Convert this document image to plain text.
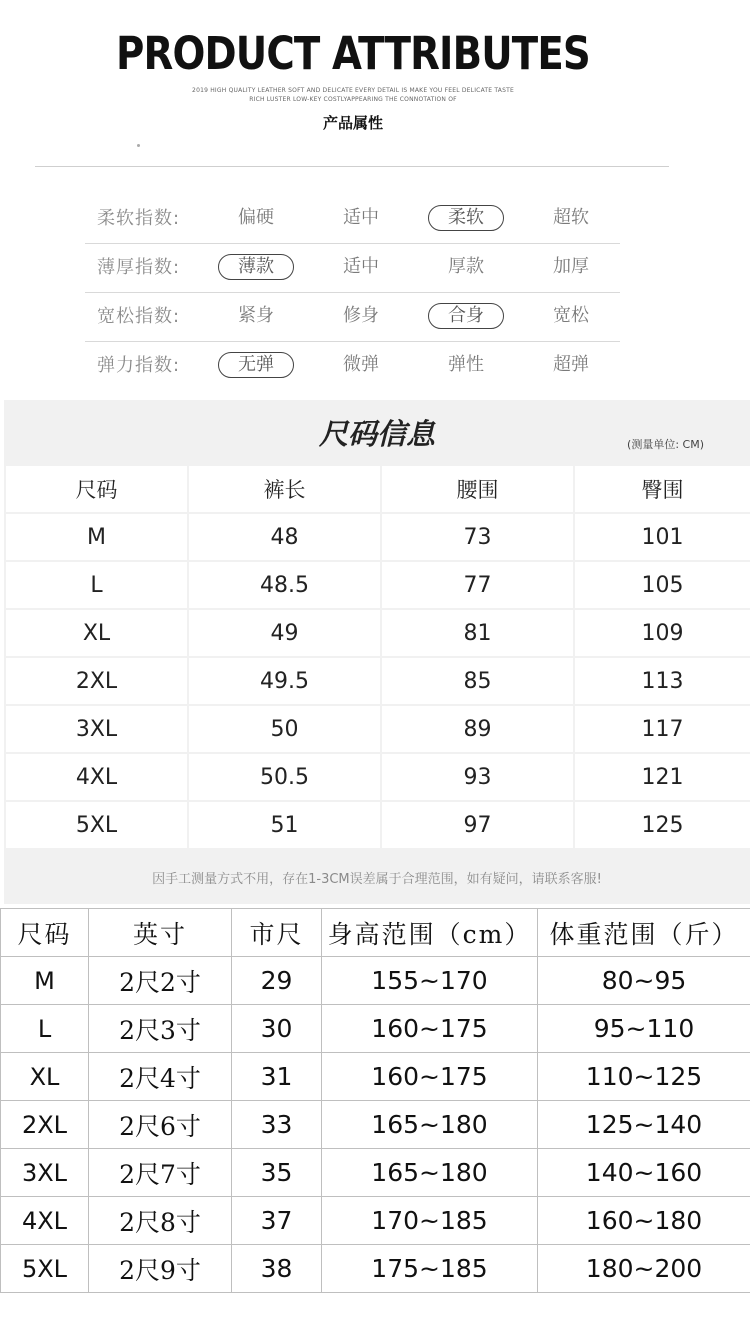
PRODUCT ATTRIBUTES
2019 HIGH QUALITY LEATHER SOFT AND DELICATE EVERY DETAIL IS MAKE YOU FEEL DELICATE TASTE
RICH LUSTER LOW-KEY COSTLYAPPEARING THE CONNOTATION OF
产品属性
柔软指数:	偏硬	适中	柔软	超软
薄厚指数:	薄款	适中	厚款	加厚
宽松指数:	紧身	修身	合身	宽松
弹力指数:	无弹	微弹	弹性	超弹
尺码信息	(测量单位: CM)
尺码	裤长	腰围	臀围
M	48	73	101
L	48.5	77	105
XL	49	81	109
2XL	49.5	85	113
3XL	50	89	117
4XL	50.5	93	121
5XL	51	97	125
因手工测量方式不用，存在1-3CM误差属于合理范围，如有疑问，请联系客服!
尺码	英寸	市尺	身高范围（cm）	体重范围（斤）
M	2尺2寸	29	155~170	80~95
L	2尺3寸	30	160~175	95~110
XL	2尺4寸	31	160~175	110~125
2XL	2尺6寸	33	165~180	125~140
3XL	2尺7寸	35	165~180	140~160
4XL	2尺8寸	37	170~185	160~180
5XL	2尺9寸	38	175~185	180~200
